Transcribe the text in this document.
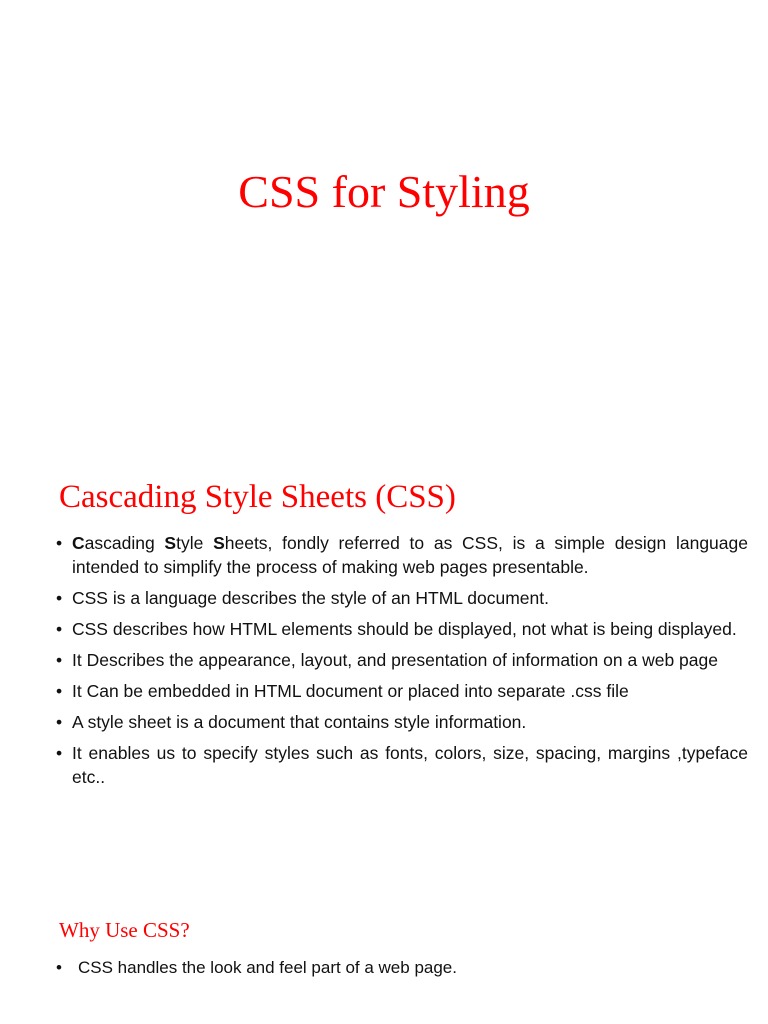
CSS for Styling
Cascading Style Sheets (CSS)
• Cascading Style Sheets, fondly referred to as CSS, is a simple design language intended to simplify the process of making web pages presentable.
• CSS is a language describes the style of an HTML document.
• CSS describes how HTML elements should be displayed, not what is being displayed.
• It Describes the appearance, layout, and presentation of information on a web page
• It Can be embedded in HTML document or placed into separate .css file
• A style sheet is a document that contains style information.
• It enables us to specify styles such as fonts, colors, size, spacing, margins ,typeface etc..
Why Use CSS?
• CSS handles the look and feel part of a web page.
